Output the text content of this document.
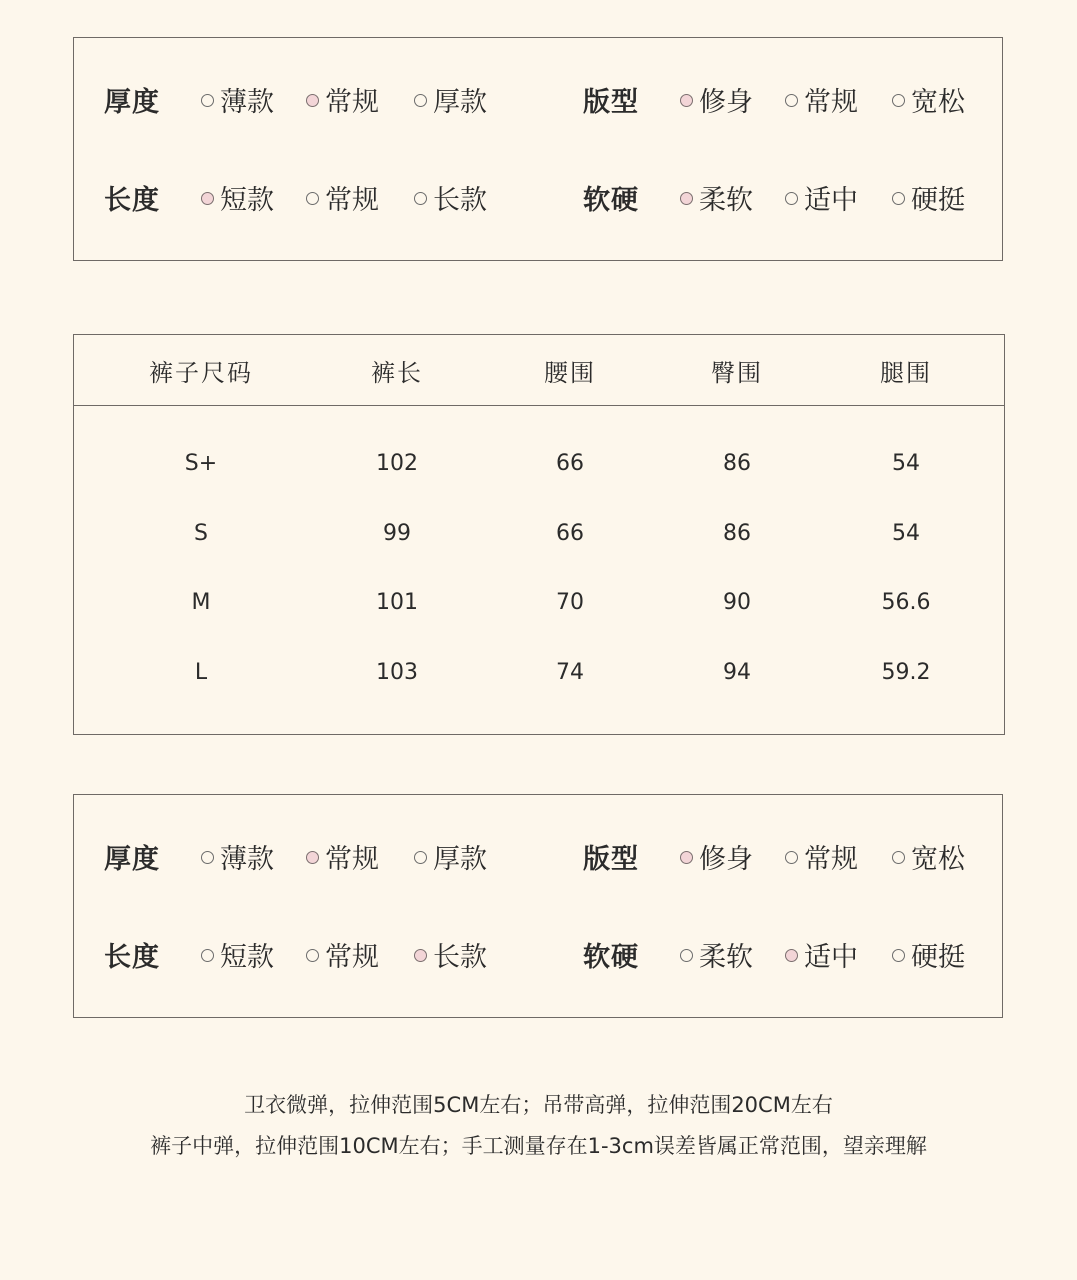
厚度	薄款	常规	厚款	版型	修身	常规	宽松
长度	短款	常规	长款	软硬	柔软	适中	硬挺
裤子尺码	裤长	腰围	臀围	腿围
S+	102	66	86	54
S	99	66	86	54
M	101	70	90	56.6
L	103	74	94	59.2
厚度	薄款	常规	厚款	版型	修身	常规	宽松
长度	短款	常规	长款	软硬	柔软	适中	硬挺
卫衣微弹，拉伸范围5CM左右；吊带高弹，拉伸范围20CM左右
裤子中弹，拉伸范围10CM左右；手工测量存在1-3cm误差皆属正常范围，望亲理解
